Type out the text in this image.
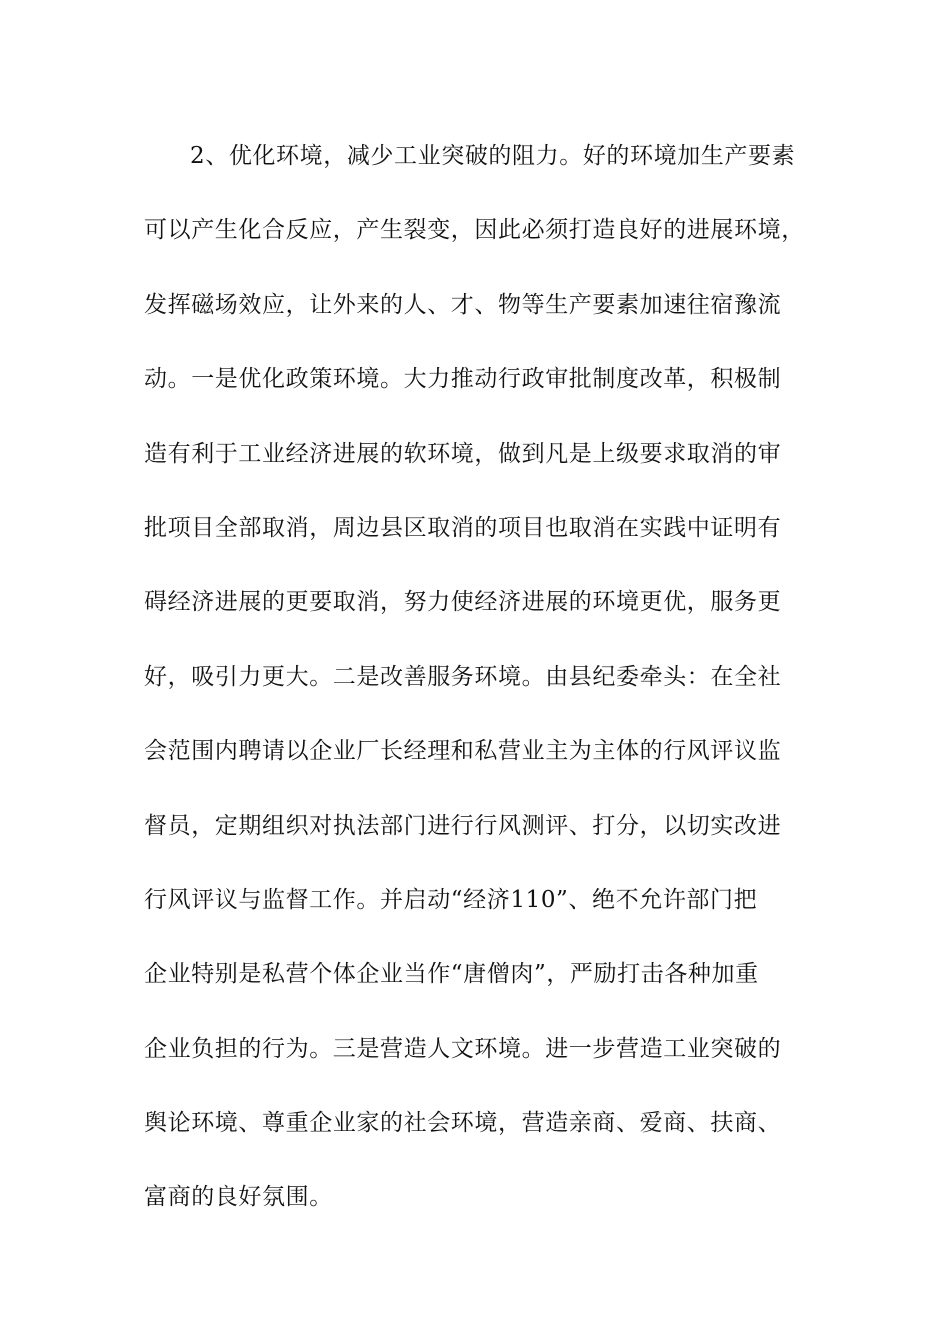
2、优化环境，减少工业突破的阻力。好的环境加生产要素
可以产生化合反应，产生裂变，因此必须打造良好的进展环境，
发挥磁场效应，让外来的人、才、物等生产要素加速往宿豫流
动。一是优化政策环境。大力推动行政审批制度改革，积极制
造有利于工业经济进展的软环境，做到凡是上级要求取消的审
批项目全部取消，周边县区取消的项目也取消在实践中证明有
碍经济进展的更要取消，努力使经济进展的环境更优，服务更
好，吸引力更大。二是改善服务环境。由县纪委牵头：在全社
会范围内聘请以企业厂长经理和私营业主为主体的行风评议监
督员，定期组织对执法部门进行行风测评、打分，以切实改进
行风评议与监督工作。并启动“经济110”、绝不允许部门把
企业特别是私营个体企业当作“唐僧肉”，严励打击各种加重
企业负担的行为。三是营造人文环境。进一步营造工业突破的
舆论环境、尊重企业家的社会环境，营造亲商、爱商、扶商、
富商的良好氛围。
